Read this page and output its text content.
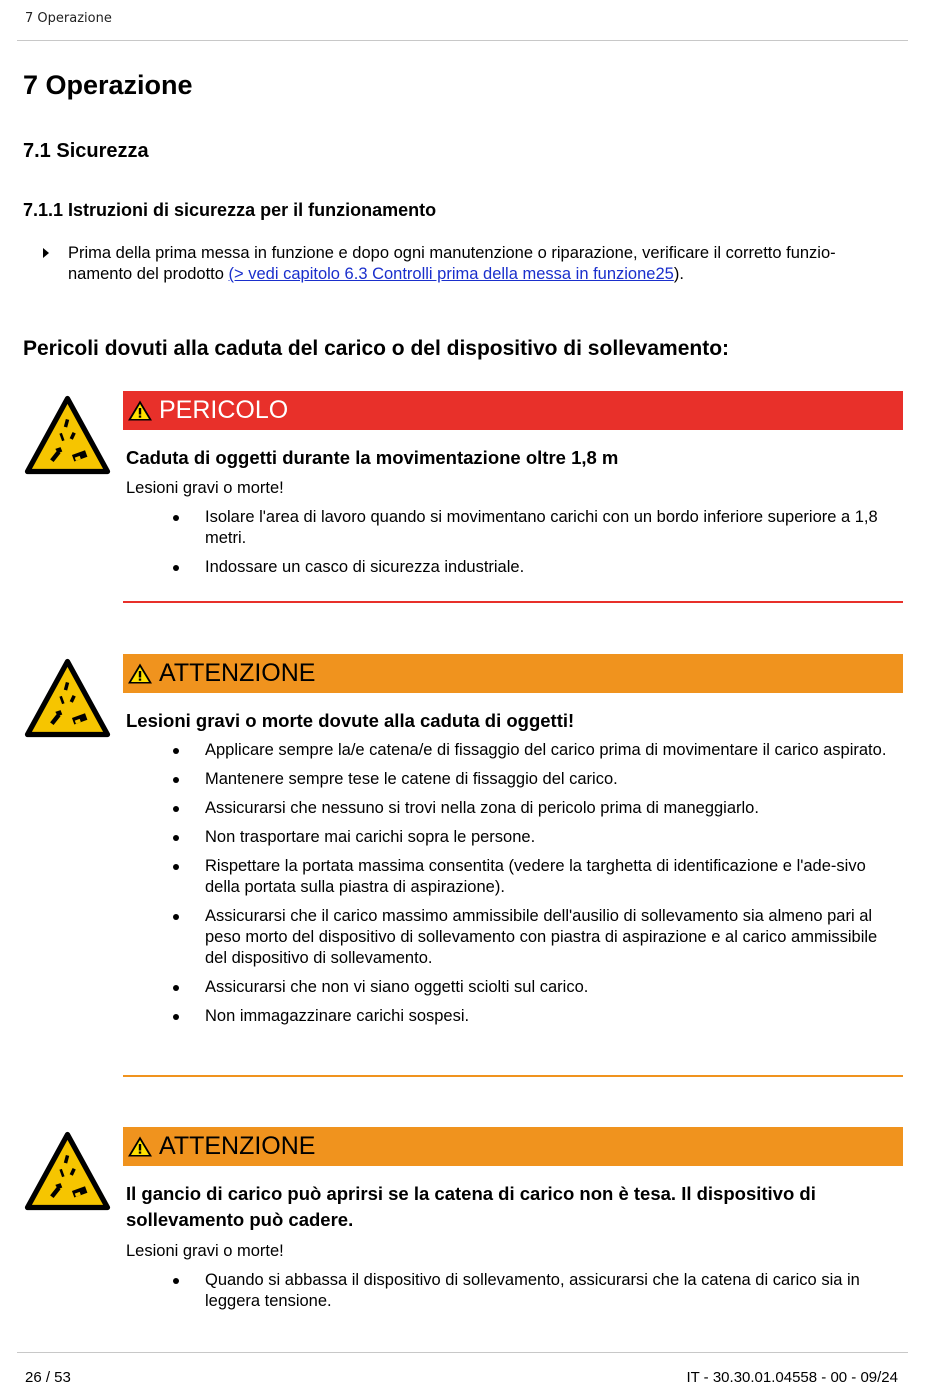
7 Operazione
7 Operazione
7.1 Sicurezza
7.1.1 Istruzioni di sicurezza per il funzionamento
Prima della prima messa in funzione e dopo ogni manutenzione o riparazione, verificare il corretto funzio-
namento del prodotto (> vedi capitolo 6.3 Controlli prima della messa in funzione25).
Pericoli dovuti alla caduta del carico o del dispositivo di sollevamento:
PERICOLO

Caduta di oggetti durante la movimentazione oltre 1,8 m

Lesioni gravi o morte!
Isolare l'area di lavoro quando si movimentano carichi con un bordo inferiore superiore a 1,8 metri.
Indossare un casco di sicurezza industriale.
ATTENZIONE

Lesioni gravi o morte dovute alla caduta di oggetti!

Applicare sempre la/e catena/e di fissaggio del carico prima di movimentare il carico aspirato.
Mantenere sempre tese le catene di fissaggio del carico.
Assicurarsi che nessuno si trovi nella zona di pericolo prima di maneggiarlo.
Non trasportare mai carichi sopra le persone.
Rispettare la portata massima consentita (vedere la targhetta di identificazione e l'ade-sivo della portata sulla piastra di aspirazione).
Assicurarsi che il carico massimo ammissibile dell'ausilio di sollevamento sia almeno pari al peso morto del dispositivo di sollevamento con piastra di aspirazione e al carico ammissibile del dispositivo di sollevamento.
Assicurarsi che non vi siano oggetti sciolti sul carico.
Non immagazzinare carichi sospesi.
ATTENZIONE

Il gancio di carico può aprirsi se la catena di carico non è tesa. Il dispositivo di sollevamento può cadere.

Lesioni gravi o morte!
Quando si abbassa il dispositivo di sollevamento, assicurarsi che la catena di carico sia in leggera tensione.
26 / 53	IT - 30.30.01.04558 - 00 - 09/24
